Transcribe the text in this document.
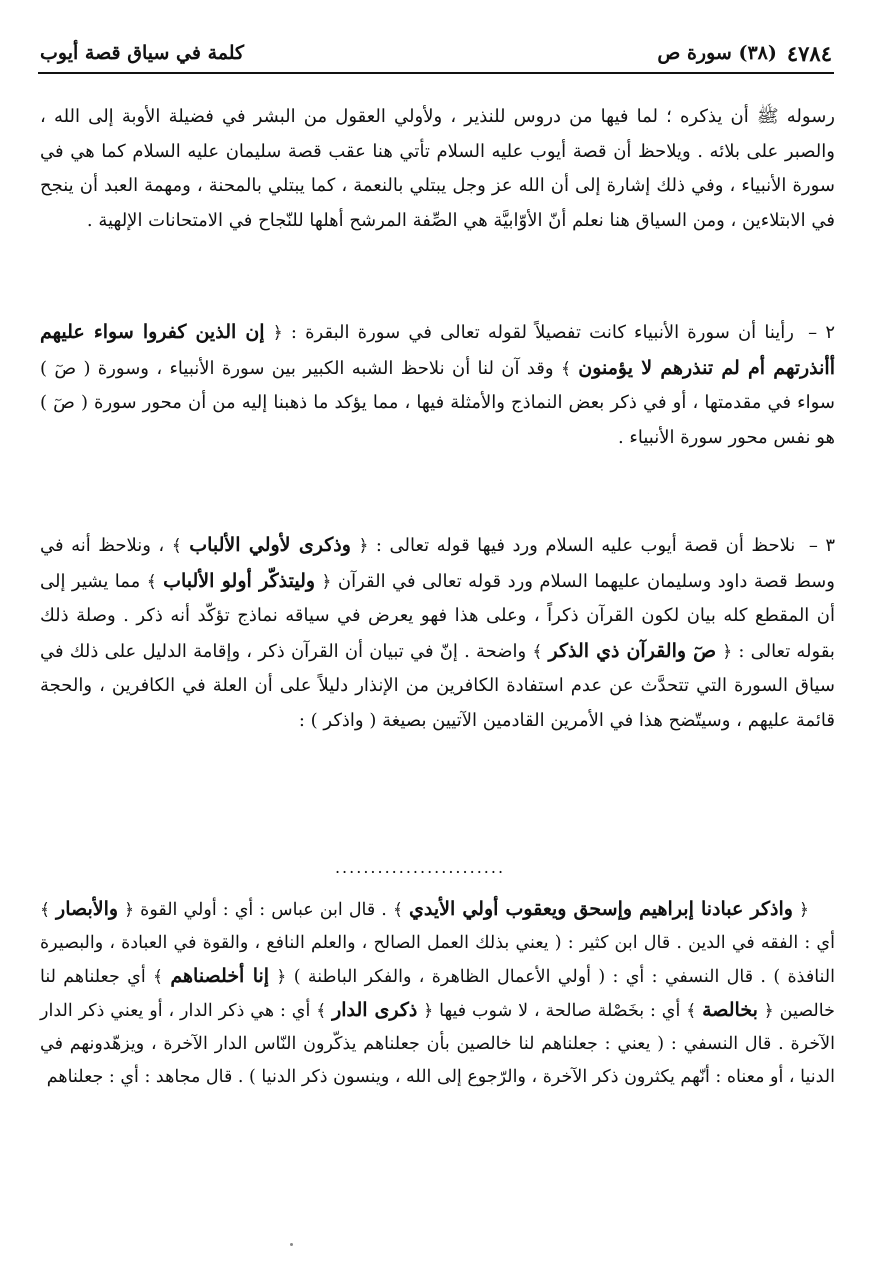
٤٧٨٤
(٣٨) سورة ص
كلمة في سياق قصة أيوب

رسوله ﷺ أن يذكره ؛ لما فيها من دروس للنذير ، ولأولي العقول من البشر في فضيلة الأوبة إلى الله ، والصبر على بلائه . ويلاحظ أن قصة أيوب عليه السلام تأتي هنا عقب قصة سليمان عليه السلام كما هي في سورة الأنبياء ، وفي ذلك إشارة إلى أن الله عز وجل يبتلي بالنعمة ، كما يبتلي بالمحنة ، ومهمة العبد أن ينجح في الابتلاءين ، ومن السياق هنا نعلم أنّ الأوّابيَّة هي الصِّفة المرشح أهلها للنّجاح في الامتحانات الإلهية .

٢ – رأينا أن سورة الأنبياء كانت تفصيلاً لقوله تعالى في سورة البقرة : ﴿ إن الذين كفروا سواء عليهم أأنذرتهم أم لم تنذرهم لا يؤمنون ﴾ وقد آن لنا أن نلاحظ الشبه الكبير بين سورة الأنبياء ، وسورة ( صٓ ) سواء في مقدمتها ، أو في ذكر بعض النماذج والأمثلة فيها ، مما يؤكد ما ذهبنا إليه من أن محور سورة ( صٓ ) هو نفس محور سورة الأنبياء .

٣ – نلاحظ أن قصة أيوب عليه السلام ورد فيها قوله تعالى : ﴿ وذكرى لأولي الألباب ﴾ ، ونلاحظ أنه في وسط قصة داود وسليمان عليهما السلام ورد قوله تعالى في القرآن ﴿ وليتذكّر أولو الألباب ﴾ مما يشير إلى أن المقطع كله بيان لكون القرآن ذكراً ، وعلى هذا فهو يعرض في سياقه نماذج تؤكّد أنه ذكر . وصلة ذلك بقوله تعالى : ﴿ صٓ والقرآن ذي الذكر ﴾ واضحة . إنّ في تبيان أن القرآن ذكر ، وإقامة الدليل على ذلك في سياق السورة التي تتحدَّث عن عدم استفادة الكافرين من الإنذار دليلاً على أن العلة في الكافرين ، والحجة قائمة عليهم ، وسيتّضح هذا في الأمرين القادمين الآتيين بصيغة ( واذكر ) :

........................

﴿ واذكر عبادنا إبراهيم وإسحق ويعقوب أولي الأيدي ﴾ . قال ابن عباس : أي : أولي القوة ﴿ والأبصار ﴾ أي : الفقه في الدين . قال ابن كثير : ( يعني بذلك العمل الصالح ، والعلم النافع ، والقوة في العبادة ، والبصيرة النافذة ) . قال النسفي : أي : ( أولي الأعمال الظاهرة ، والفكر الباطنة ) ﴿ إنا أخلصناهم ﴾ أي جعلناهم لنا خالصين ﴿ بخالصة ﴾ أي : بخَصْلة صالحة ، لا شوب فيها ﴿ ذكرى الدار ﴾ أي : هي ذكر الدار ، أو يعني ذكر الدار الآخرة . قال النسفي : ( يعني : جعلناهم لنا خالصين بأن جعلناهم يذكّرون النّاس الدار الآخرة ، ويزهّدونهم في الدنيا ، أو معناه : أنّهم يكثرون ذكر الآخرة ، والرّجوع إلى الله ، وينسون ذكر الدنيا ) . قال مجاهد : أي : جعلناهم
